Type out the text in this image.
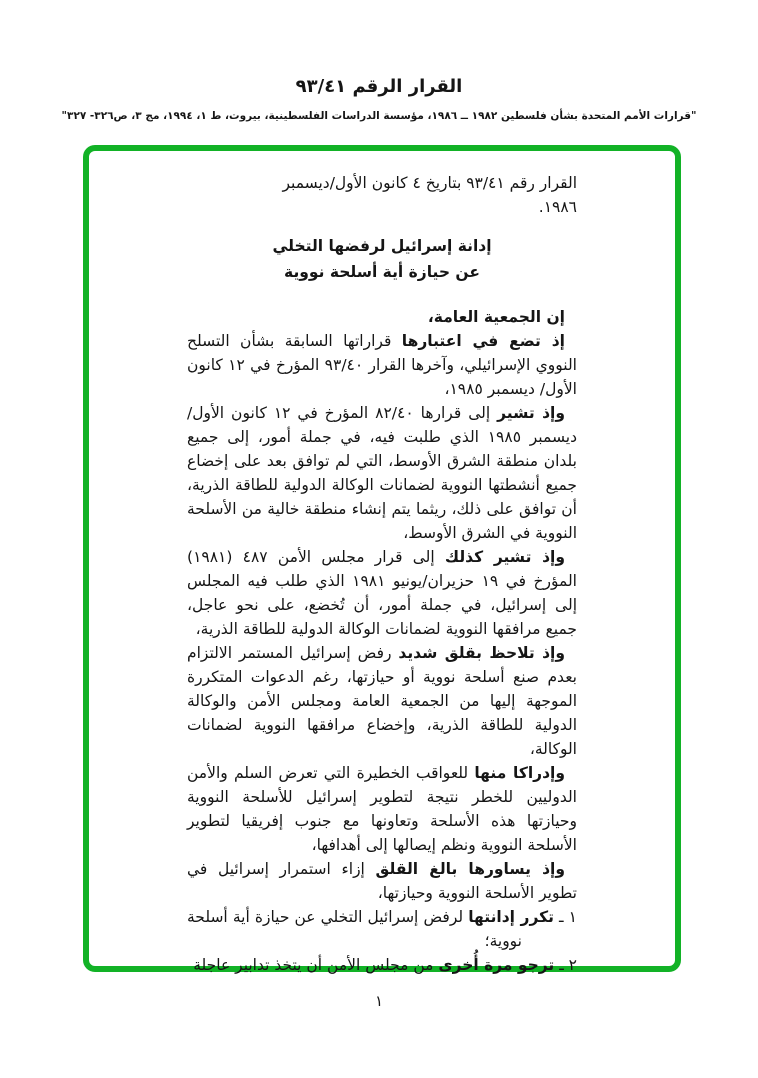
القرار الرقم ٩٣/٤١
"قرارات الأمم المتحدة بشأن فلسطين ١٩٨٢ ــ ١٩٨٦، مؤسسة الدراسات الفلسطينية، بيروت، ط ١، ١٩٩٤، مج ٣، ص٣٢٦- ٣٢٧"

القرار رقم ٩٣/٤١ بتاريخ ٤ كانون الأول/ديسمبر ١٩٨٦.

إدانة إسرائيل لرفضها التخلي
عن حيازة أية أسلحة نووية

إن الجمعية العامة،

إذ تضع في اعتبارها قراراتها السابقة بشأن التسلح النووي الإسرائيلي، وآخرها القرار ٩٣/٤٠ المؤرخ في ١٢ كانون الأول/ ديسمبر ١٩٨٥،

وإذ تشير إلى قرارها ٨٢/٤٠ المؤرخ في ١٢ كانون الأول/ ديسمبر ١٩٨٥ الذي طلبت فيه، في جملة أمور، إلى جميع بلدان منطقة الشرق الأوسط، التي لم توافق بعد على إخضاع جميع أنشطتها النووية لضمانات الوكالة الدولية للطاقة الذرية، أن توافق على ذلك، ريثما يتم إنشاء منطقة خالية من الأسلحة النووية في الشرق الأوسط،

وإذ تشير كذلك إلى قرار مجلس الأمن ٤٨٧ (١٩٨١) المؤرخ في ١٩ حزيران/يونيو ١٩٨١ الذي طلب فيه المجلس إلى إسرائيل، في جملة أمور، أن تُخضع، على نحو عاجل، جميع مرافقها النووية لضمانات الوكالة الدولية للطاقة الذرية،

وإذ تلاحظ بقلق شديد رفض إسرائيل المستمر الالتزام بعدم صنع أسلحة نووية أو حيازتها، رغم الدعوات المتكررة الموجهة إليها من الجمعية العامة ومجلس الأمن والوكالة الدولية للطاقة الذرية، وإخضاع مرافقها النووية لضمانات الوكالة،

وإدراكا منها للعواقب الخطيرة التي تعرض السلم والأمن الدوليين للخطر نتيجة لتطوير إسرائيل للأسلحة النووية وحيازتها هذه الأسلحة وتعاونها مع جنوب إفريقيا لتطوير الأسلحة النووية ونظم إيصالها إلى أهدافها،

وإذ يساورها بالغ القلق إزاء استمرار إسرائيل في تطوير الأسلحة النووية وحيازتها،

١ ـ تكرر إدانتها لرفض إسرائيل التخلي عن حيازة أية أسلحة نووية؛

٢ ـ ترجو مرة أُخرى من مجلس الأمن أن يتخذ تدابير عاجلة

١
